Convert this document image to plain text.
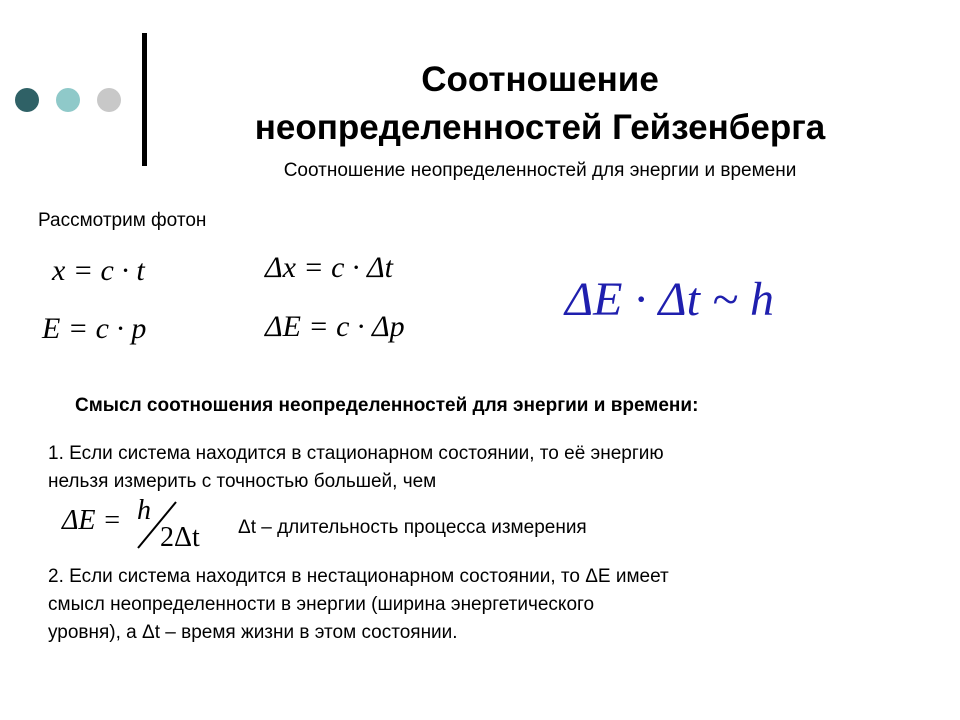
Соотношение
неопределенностей Гейзенберга
Соотношение неопределенностей для энергии и времени
Рассмотрим фотон
x = c · t	Δx = c · Δt
E = c · p	ΔE = c · Δp
ΔE · Δt ~ h
Смысл соотношения неопределенностей для энергии и времени:
1. Если система находится в стационарном состоянии, то её энергию
нельзя измерить с точностью большей, чем
ΔE = h
2Δt Δt – длительность процесса измерения
2. Если система находится в нестационарном состоянии, то ΔE имеет
смысл неопределенности в энергии (ширина энергетического
уровня), а Δt – время жизни в этом состоянии.
